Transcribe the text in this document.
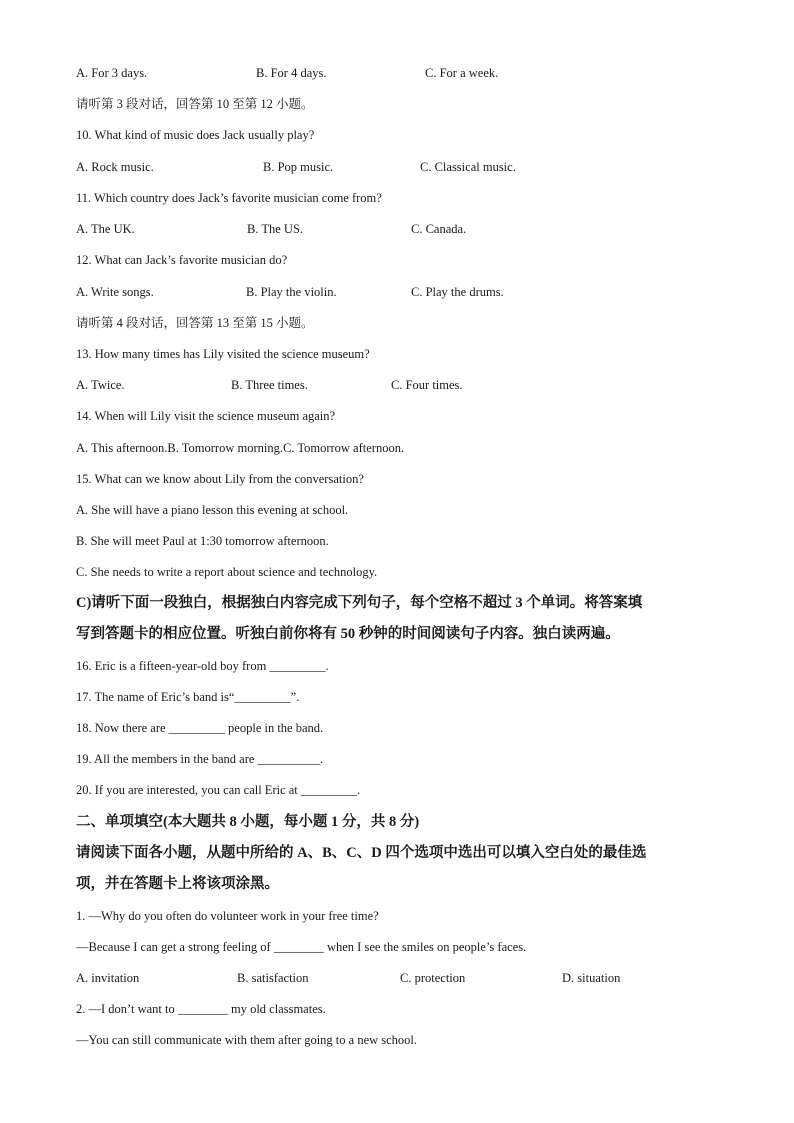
A. For 3 days.	B. For 4 days.	C. For a week.
请听第 3 段对话，回答第 10 至第 12 小题。
10. What kind of music does Jack usually play?
A. Rock music.	B. Pop music.	C. Classical music.
11. Which country does Jack’s favorite musician come from?
A. The UK.	B. The US.	C. Canada.
12. What can Jack’s favorite musician do?
A. Write songs.	B. Play the violin.	C. Play the drums.
请听第 4 段对话，回答第 13 至第 15 小题。
13. How many times has Lily visited the science museum?
A. Twice.	B. Three times.	C. Four times.
14. When will Lily visit the science museum again?
A. This afternoon.B. Tomorrow morning.C. Tomorrow afternoon.
15. What can we know about Lily from the conversation?
A. She will have a piano lesson this evening at school.
B. She will meet Paul at 1:30 tomorrow afternoon.
C. She needs to write a report about science and technology.
C)请听下面一段独白，根据独白内容完成下列句子，每个空格不超过 3 个单词。将答案填
写到答题卡的相应位置。听独白前你将有 50 秒钟的时间阅读句子内容。独白读两遍。
16. Eric is a fifteen-year-old boy from _________.
17. The name of Eric’s band is“_________”.
18. Now there are _________ people in the band.
19. All the members in the band are __________.
20. If you are interested, you can call Eric at _________.
二、单项填空(本大题共 8 小题，每小题 1 分，共 8 分)
请阅读下面各小题，从题中所给的 A、B、C、D 四个选项中选出可以填入空白处的最佳选
项，并在答题卡上将该项涂黑。
1. —Why do you often do volunteer work in your free time?
—Because I can get a strong feeling of ________ when I see the smiles on people’s faces.
A. invitation	B. satisfaction	C. protection	D. situation
2. —I don’t want to ________ my old classmates.
—You can still communicate with them after going to a new school.
